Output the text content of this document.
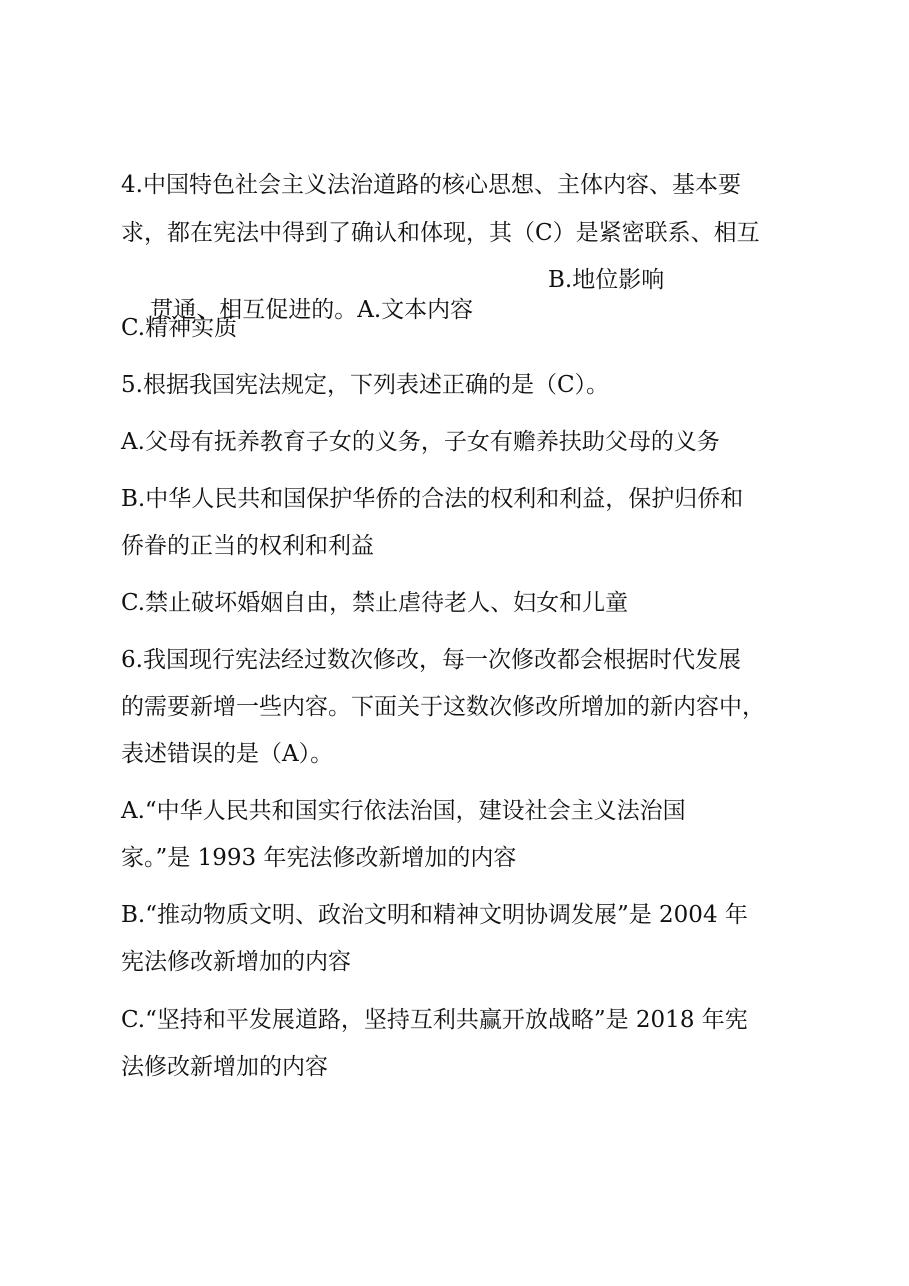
4.中国特色社会主义法治道路的核心思想、主体内容、基本要
求，都在宪法中得到了确认和体现，其（C）是紧密联系、相互

贯通、相互促进的。A.文本内容

B.地位影响
C.精神实质
5.根据我国宪法规定，下列表述正确的是（C）。
A.父母有抚养教育子女的义务，子女有赡养扶助父母的义务
B.中华人民共和国保护华侨的合法的权利和利益，保护归侨和
侨眷的正当的权利和利益
C.禁止破坏婚姻自由，禁止虐待老人、妇女和儿童
6.我国现行宪法经过数次修改，每一次修改都会根据时代发展
的需要新增一些内容。下面关于这数次修改所增加的新内容中，
表述错误的是（A）。
A.“中华人民共和国实行依法治国，建设社会主义法治国
家。”是 1993 年宪法修改新增加的内容
B.“推动物质文明、政治文明和精神文明协调发展”是 2004 年
宪法修改新增加的内容
C.“坚持和平发展道路，坚持互利共赢开放战略”是 2018 年宪
法修改新增加的内容
